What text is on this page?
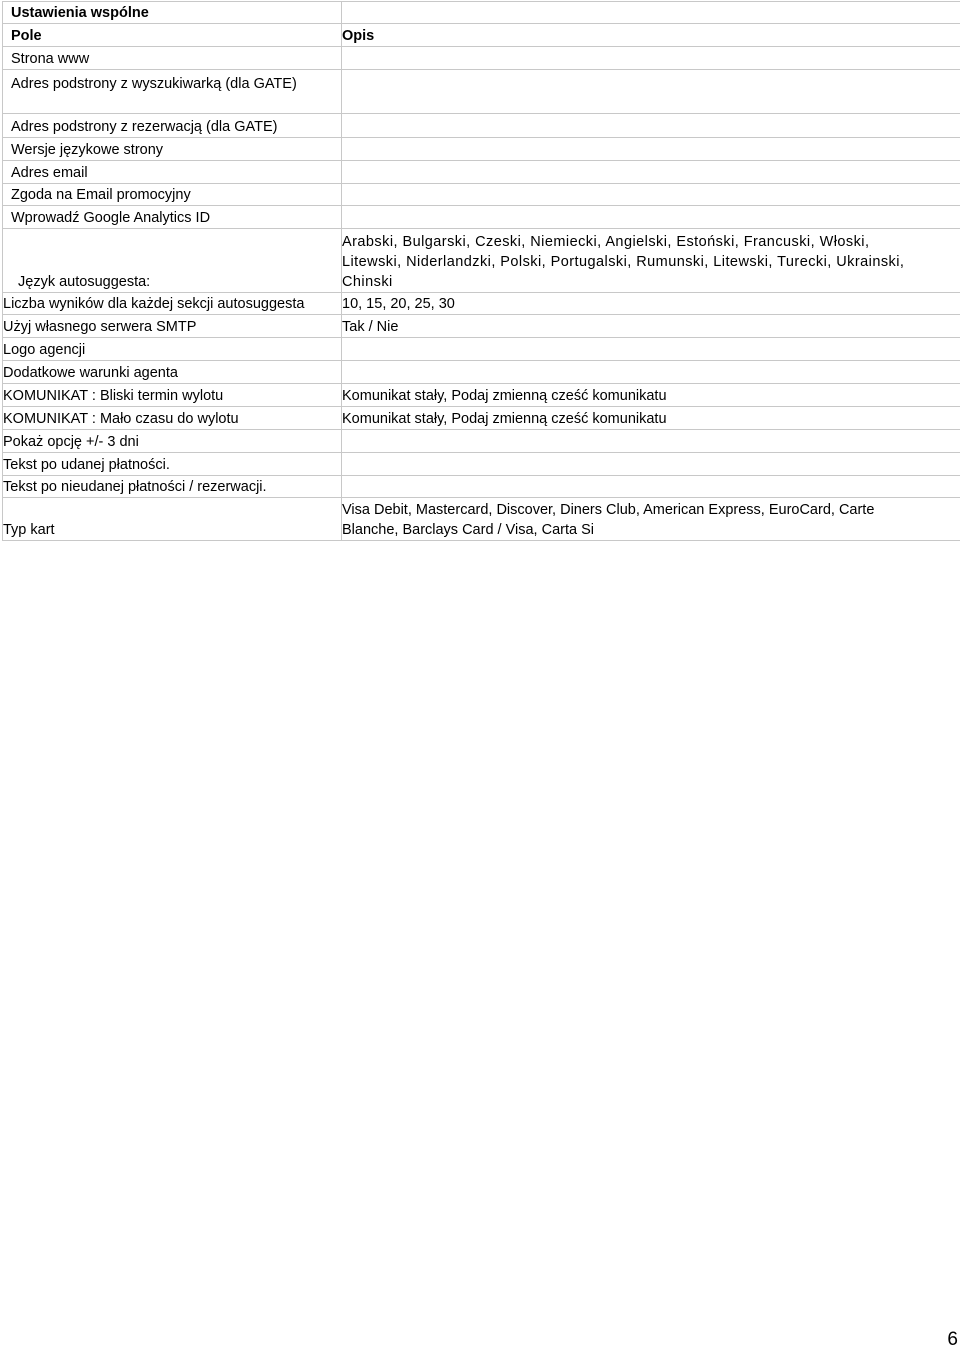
Ustawienia wspólne	
Pole	Opis
Strona www	
Adres podstrony z wyszukiwarką (dla GATE)	

Adres podstrony z rezerwacją (dla GATE)	
Wersje językowe strony	
Adres email	
Zgoda na Email promocyjny	
Wprowadź Google Analytics ID	
Język autosuggesta:	Arabski, Bulgarski, Czeski, Niemiecki, Angielski, Estoński, Francuski, Włoski,
Litewski, Niderlandzki, Polski, Portugalski, Rumunski, Litewski, Turecki, Ukrainski,
Chinski

Liczba wyników dla każdej sekcji autosuggesta	10, 15, 20, 25, 30
Użyj własnego serwera SMTP	Tak / Nie
Logo agencji	
Dodatkowe warunki agenta	
KOMUNIKAT : Bliski termin wylotu	Komunikat stały, Podaj zmienną cześć komunikatu
KOMUNIKAT : Mało czasu do wylotu	Komunikat stały, Podaj zmienną cześć komunikatu
Pokaż opcję +/- 3 dni	
Tekst po udanej płatności.	
Tekst po nieudanej płatności / rezerwacji.	
Typ kart	Visa Debit, Mastercard, Discover, Diners Club, American Express, EuroCard, Carte
Blanche, Barclays Card / Visa, Carta Si
6
